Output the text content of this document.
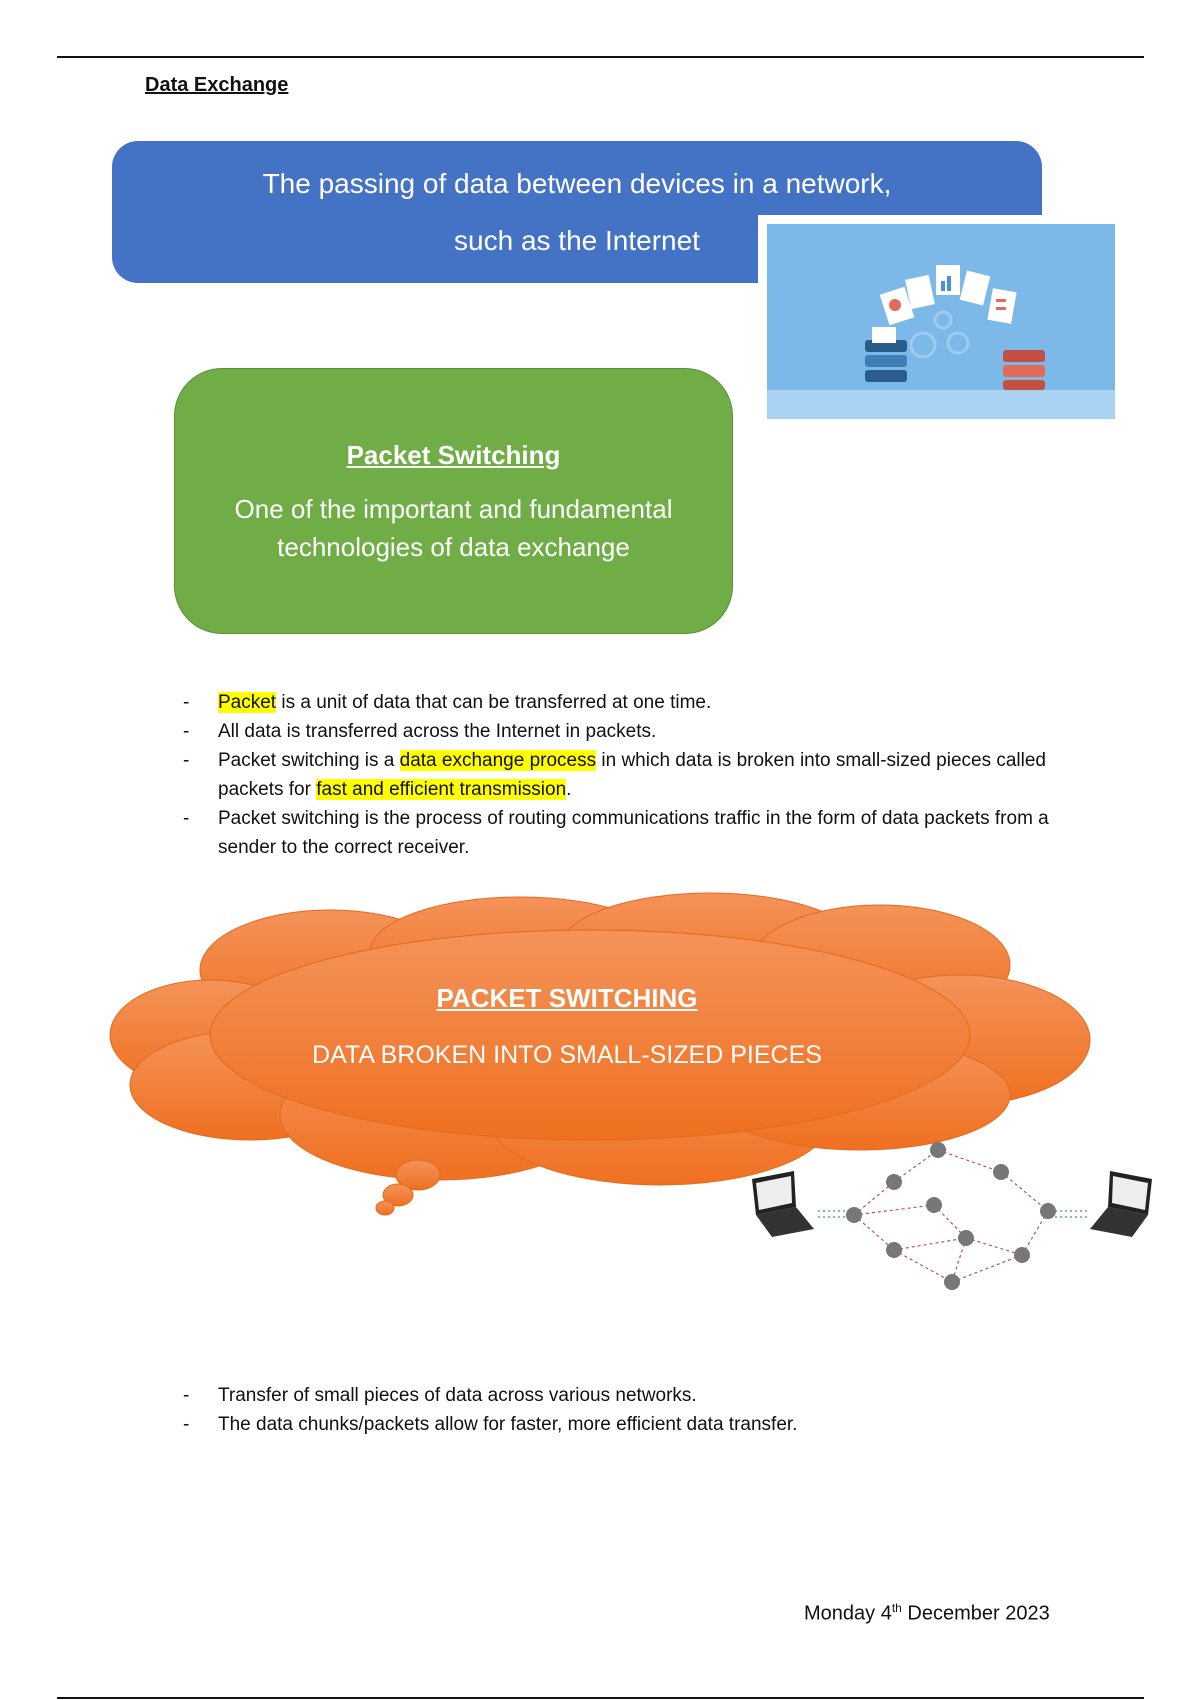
Data Exchange
The passing of data between devices in a network,
such as the Internet
Packet Switching
One of the important and fundamental technologies of data exchange
- Packet is a unit of data that can be transferred at one time.
- All data is transferred across the Internet in packets.
- Packet switching is a data exchange process in which data is broken into small-sized pieces called packets for fast and efficient transmission.
- Packet switching is the process of routing communications traffic in the form of data packets from a sender to the correct receiver.
PACKET SWITCHING
DATA BROKEN INTO SMALL-SIZED PIECES
- Transfer of small pieces of data across various networks.
- The data chunks/packets allow for faster, more efficient data transfer.
Monday 4th December 2023
